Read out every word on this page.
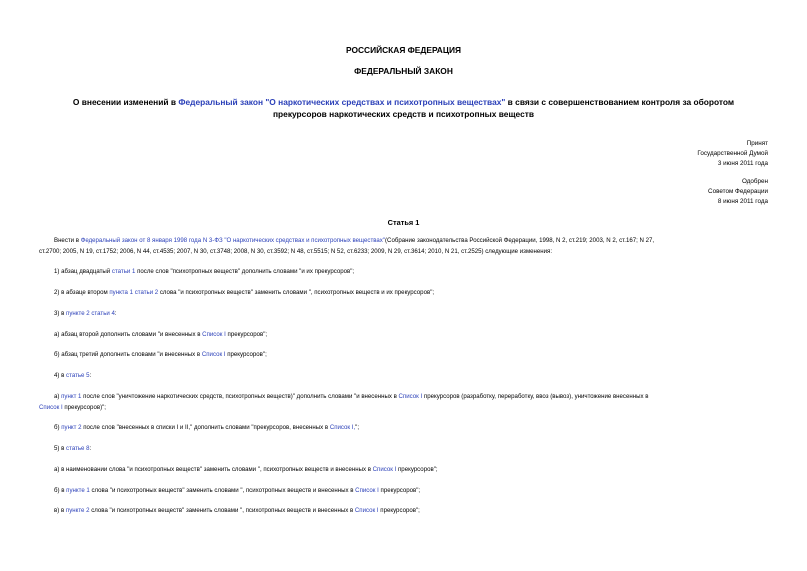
РОССИЙСКАЯ ФЕДЕРАЦИЯ
ФЕДЕРАЛЬНЫЙ ЗАКОН
О внесении изменений в Федеральный закон "О наркотических средствах и психотропных веществах" в связи с совершенствованием контроля за оборотом
прекурсоров наркотических средств и психотропных веществ
Принят
Государственной Думой
3 июня 2011 года
Одобрен
Советом Федерации
8 июня 2011 года
Статья 1
Внести в Федеральный закон от 8 января 1998 года N 3-ФЗ "О наркотических средствах и психотропных веществах"(Собрание законодательства Российской Федерации, 1998, N 2, ст.219; 2003, N 2, ст.167; N 27,
ст.2700; 2005, N 19, ст.1752; 2006, N 44, ст.4535; 2007, N 30, ст.3748; 2008, N 30, ст.3592; N 48, ст.5515; N 52, ст.6233; 2009, N 29, ст.3614; 2010, N 21, ст.2525) следующие изменения:
1) абзац двадцатый статьи 1 после слов "психотропных веществ" дополнить словами "и их прекурсоров";
2) в абзаце втором пункта 1 статьи 2 слова "и психотропных веществ" заменить словами ", психотропных веществ и их прекурсоров";
3) в пункте 2 статьи 4:
а) абзац второй дополнить словами "и внесенных в Список I прекурсоров";
б) абзац третий дополнить словами "и внесенных в Список I прекурсоров";
4) в статье 5:
а) пункт 1 после слов "уничтожение наркотических средств, психотропных веществ)" дополнить словами "и внесенных в Список I прекурсоров (разработку, переработку, ввоз (вывоз), уничтожение внесенных в
Список I прекурсоров)";
б) пункт 2 после слов "внесенных в списки I и II," дополнить словами "прекурсоров, внесенных в Список I,";
5) в статье 8:
а) в наименовании слова "и психотропных веществ" заменить словами ", психотропных веществ и внесенных в Список I прекурсоров";
б) в пункте 1 слова "и психотропных веществ" заменить словами ", психотропных веществ и внесенных в Список I прекурсоров";
в) в пункте 2 слова "и психотропных веществ" заменить словами ", психотропных веществ и внесенных в Список I прекурсоров";
